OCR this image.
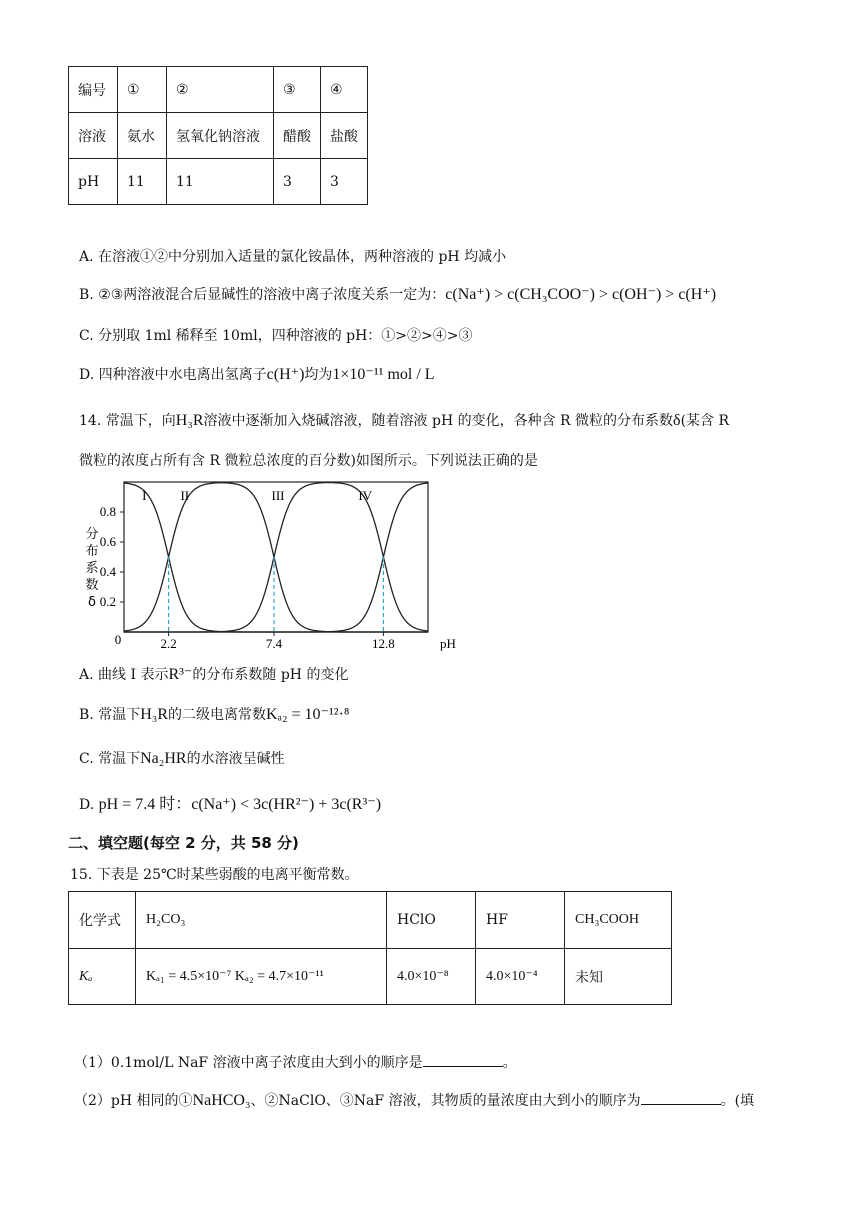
编号	①	②	③	④
溶液	氨水	氢氧化钠溶液	醋酸	盐酸
pH	11	11	3	3
A. 在溶液①②中分别加入适量的氯化铵晶体，两种溶液的 pH 均减小
B. ②③两溶液混合后显碱性的溶液中离子浓度关系一定为：c(Na⁺) > c(CH₃COO⁻) > c(OH⁻) > c(H⁺)
C. 分别取 1ml 稀释至 10ml，四种溶液的 pH：①>②>④>③
D. 四种溶液中水电离出氢离子c(H⁺)均为1×10⁻¹¹ mol / L
14. 常温下，向H₃R溶液中逐渐加入烧碱溶液，随着溶液 pH 的变化，各种含 R 微粒的分布系数δ(某含 R
微粒的浓度占所有含 R 微粒总浓度的百分数)如图所示。下列说法正确的是
0.2
0.4
0.6
0.8
0
分
布
系
数
δ
2.2	7.4	12.8	pH
I	II	III	IV
A. 曲线 I 表示R³⁻的分布系数随 pH 的变化
B. 常温下H₃R的二级电离常数Kₐ₂ = 10⁻¹²·⁸
C. 常温下Na₂HR的水溶液呈碱性
D. pH = 7.4 时：c(Na⁺) < 3c(HR²⁻) + 3c(R³⁻)
二、填空题(每空 2 分，共 58 分)
15. 下表是 25℃时某些弱酸的电离平衡常数。
化学式	H₂CO₃	HClO	HF	CH₃COOH
Kₐ	Kₐ₁ = 4.5×10⁻⁷ Kₐ₂ = 4.7×10⁻¹¹	4.0×10⁻⁸	4.0×10⁻⁴	未知
（1）0.1mol/L NaF 溶液中离子浓度由大到小的顺序是	。
（2）pH 相同的①NaHCO₃、②NaClO、③NaF 溶液，其物质的量浓度由大到小的顺序为	。(填
